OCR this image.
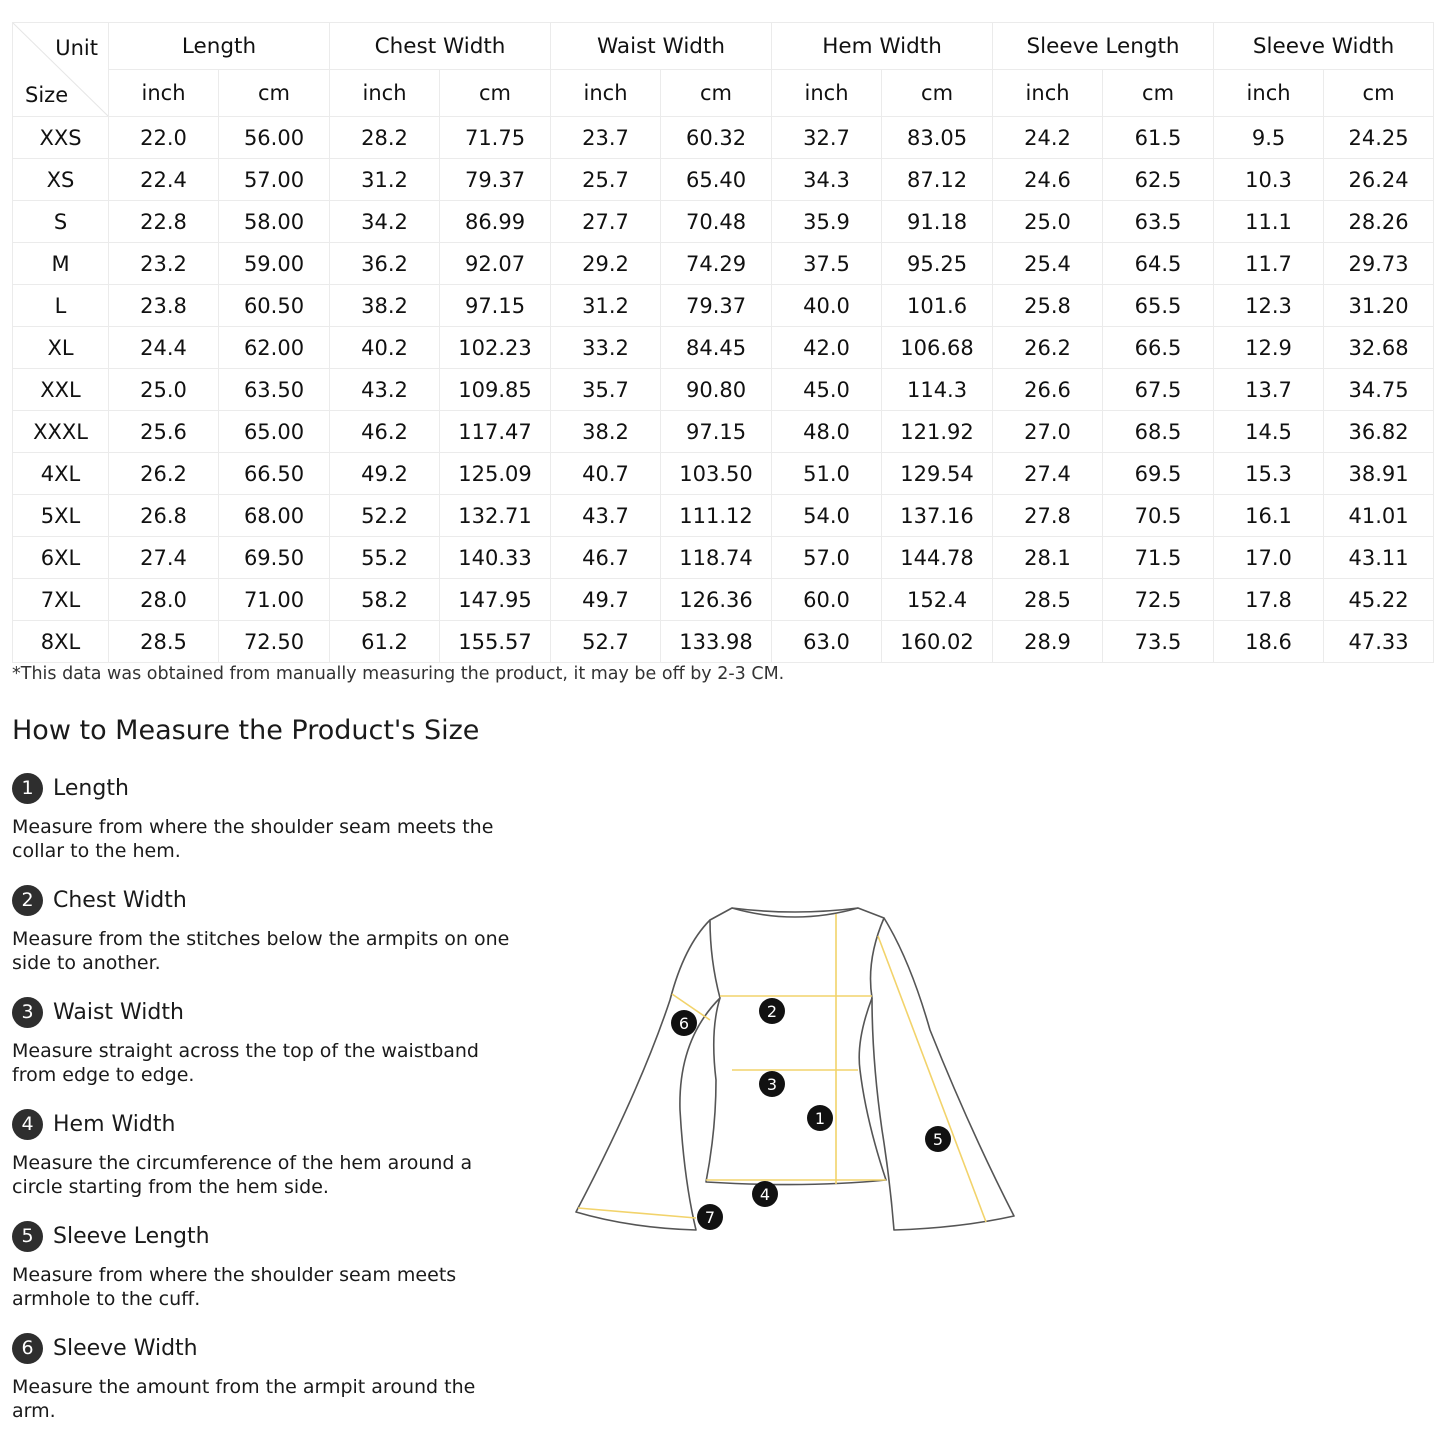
Unit
Size	Length		Chest Width		Waist Width		Hem Width		Sleeve Length		Sleeve Width	
	inch	cm	inch	cm	inch	cm	inch	cm	inch	cm	inch	cm
XXS	22.0	56.00	28.2	71.75	23.7	60.32	32.7	83.05	24.2	61.5	9.5	24.25
XS	22.4	57.00	31.2	79.37	25.7	65.40	34.3	87.12	24.6	62.5	10.3	26.24
S	22.8	58.00	34.2	86.99	27.7	70.48	35.9	91.18	25.0	63.5	11.1	28.26
M	23.2	59.00	36.2	92.07	29.2	74.29	37.5	95.25	25.4	64.5	11.7	29.73
L	23.8	60.50	38.2	97.15	31.2	79.37	40.0	101.6	25.8	65.5	12.3	31.20
XL	24.4	62.00	40.2	102.23	33.2	84.45	42.0	106.68	26.2	66.5	12.9	32.68
XXL	25.0	63.50	43.2	109.85	35.7	90.80	45.0	114.3	26.6	67.5	13.7	34.75
XXXL	25.6	65.00	46.2	117.47	38.2	97.15	48.0	121.92	27.0	68.5	14.5	36.82
4XL	26.2	66.50	49.2	125.09	40.7	103.50	51.0	129.54	27.4	69.5	15.3	38.91
5XL	26.8	68.00	52.2	132.71	43.7	111.12	54.0	137.16	27.8	70.5	16.1	41.01
6XL	27.4	69.50	55.2	140.33	46.7	118.74	57.0	144.78	28.1	71.5	17.0	43.11
7XL	28.0	71.00	58.2	147.95	49.7	126.36	60.0	152.4	28.5	72.5	17.8	45.22
8XL	28.5	72.50	61.2	155.57	52.7	133.98	63.0	160.02	28.9	73.5	18.6	47.33
*This data was obtained from manually measuring the product, it may be off by 2-3 CM.
How to Measure the Product's Size
1 Length
Measure from where the shoulder seam meets the collar to the hem.
2 Chest Width
Measure from the stitches below the armpits on one side to another.
3 Waist Width
Measure straight across the top of the waistband from edge to edge.
4 Hem Width
Measure the circumference of the hem around a circle starting from the hem side.
5 Sleeve Length
Measure from where the shoulder seam meets armhole to the cuff.
6 Sleeve Width
Measure the amount from the armpit around the arm.
1
2
3
4
5
6
7
